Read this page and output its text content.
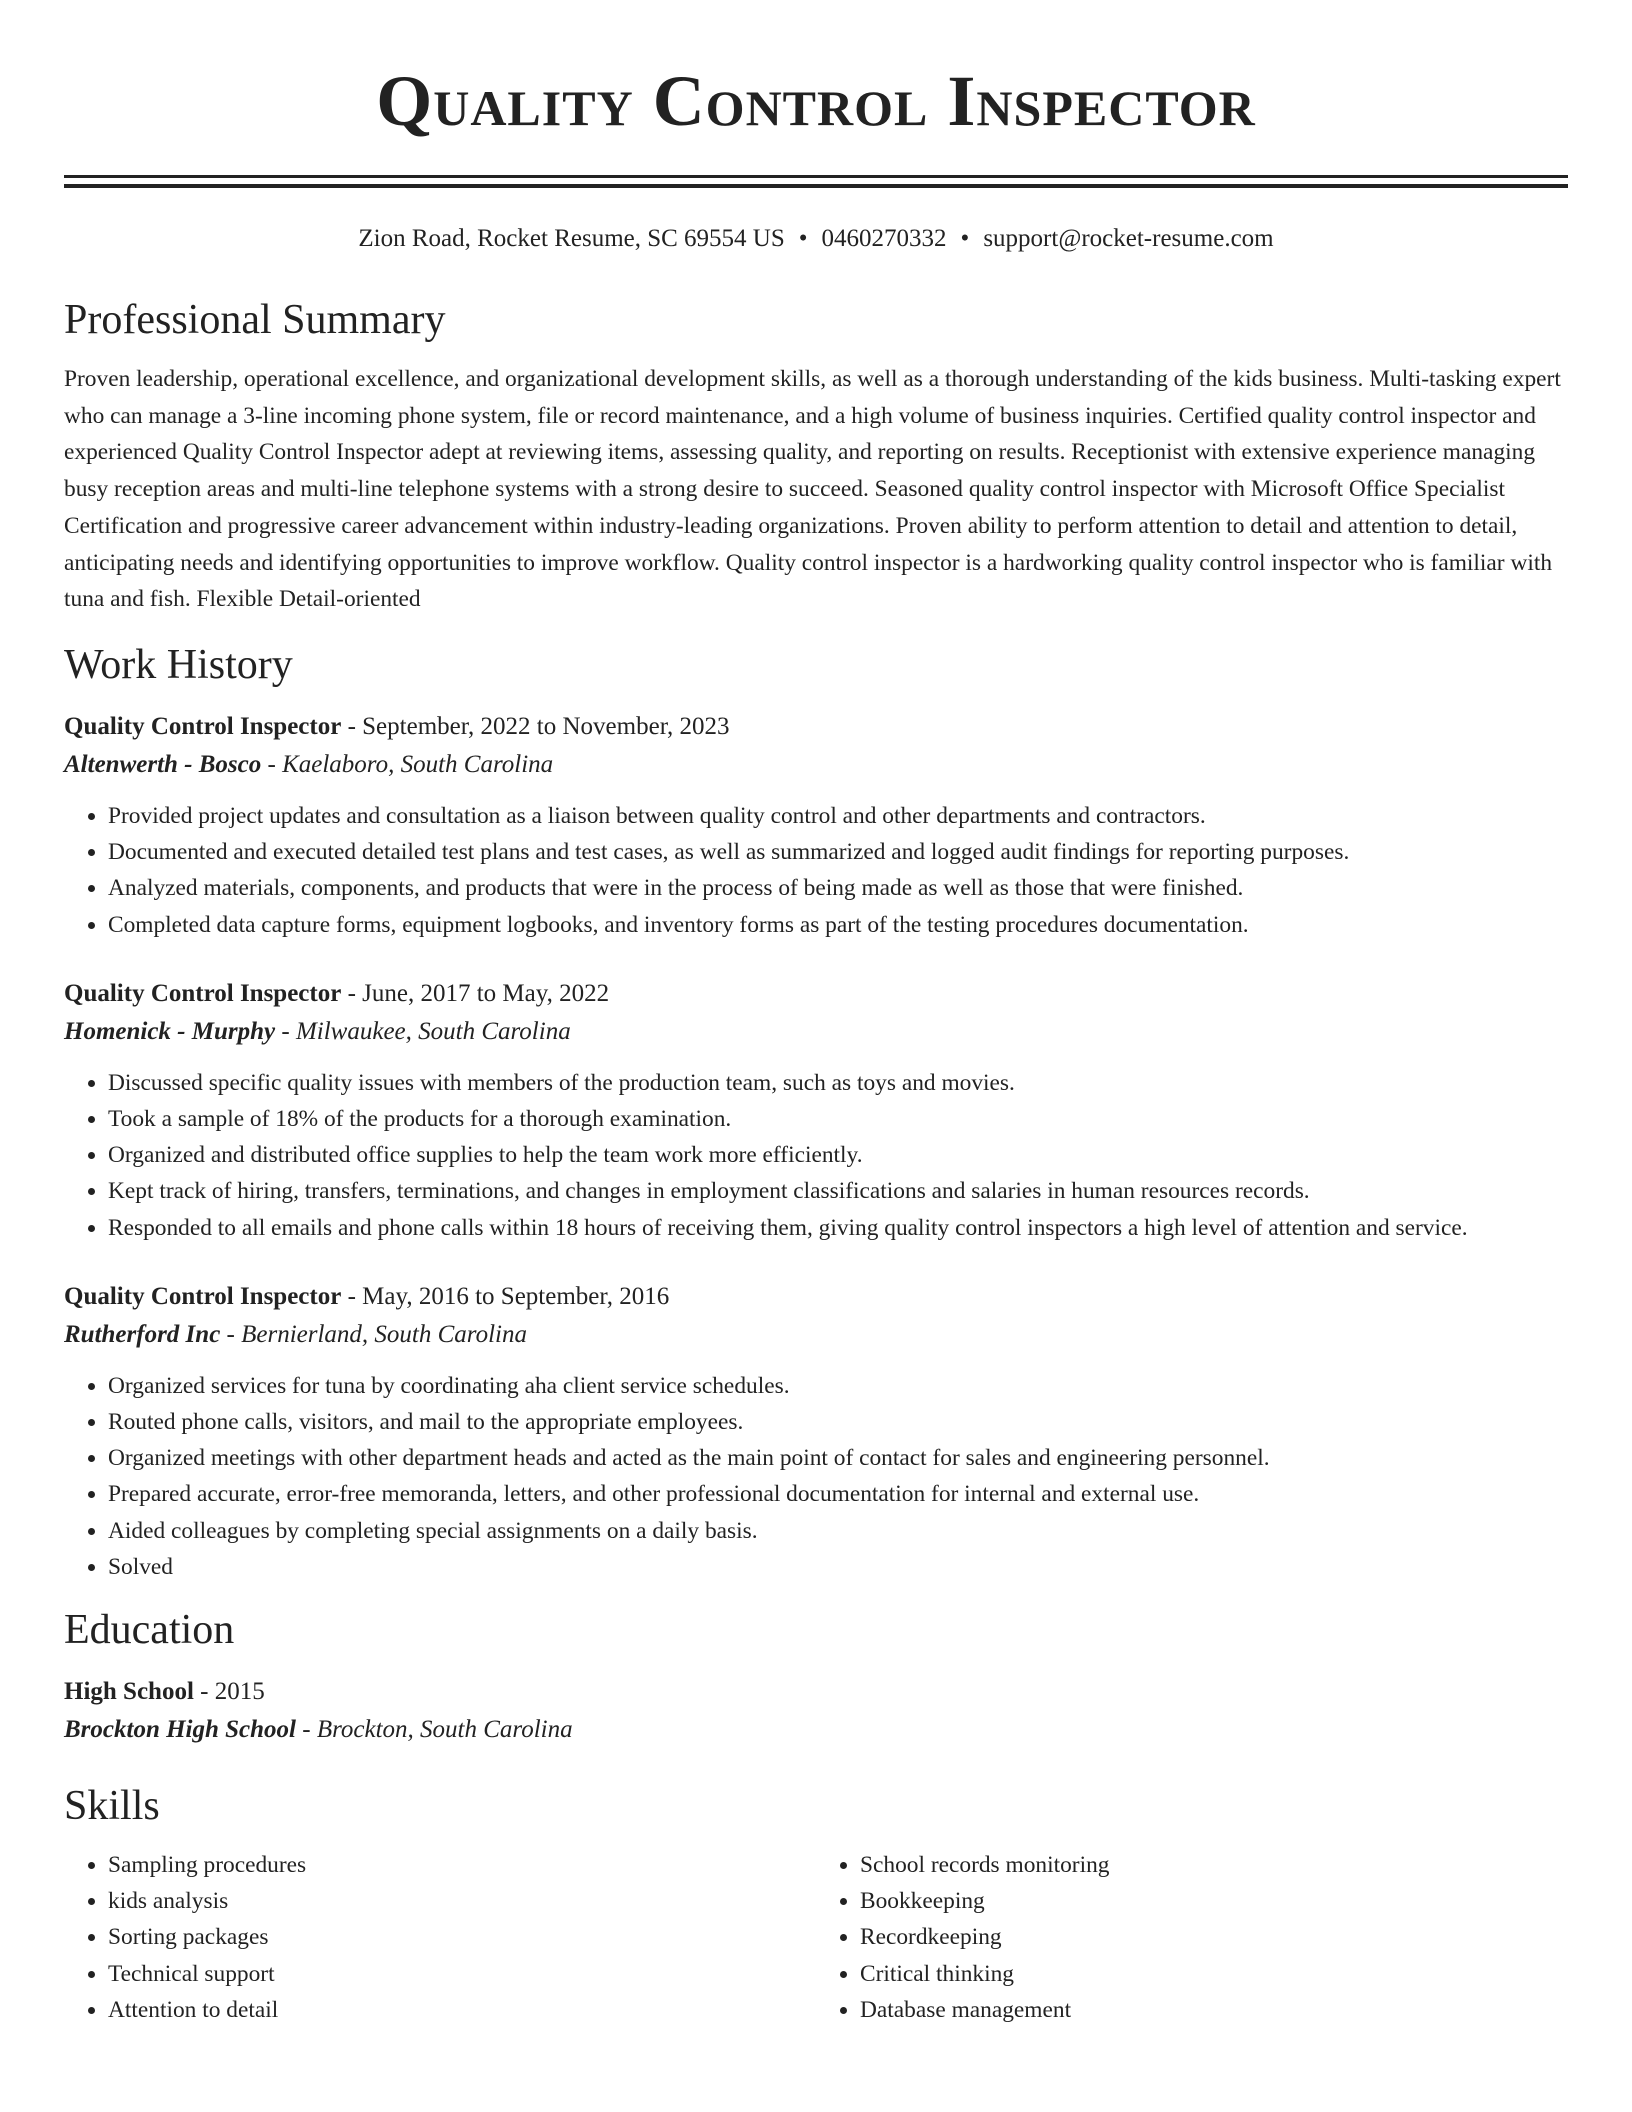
Quality Control Inspector
Zion Road, Rocket Resume, SC 69554 US • 0460270332 • support@rocket-resume.com
Professional Summary
Proven leadership, operational excellence, and organizational development skills, as well as a thorough understanding of the kids business. Multi-tasking expert who can manage a 3-line incoming phone system, file or record maintenance, and a high volume of business inquiries. Certified quality control inspector and experienced Quality Control Inspector adept at reviewing items, assessing quality, and reporting on results. Receptionist with extensive experience managing busy reception areas and multi-line telephone systems with a strong desire to succeed. Seasoned quality control inspector with Microsoft Office Specialist Certification and progressive career advancement within industry-leading organizations. Proven ability to perform attention to detail and attention to detail, anticipating needs and identifying opportunities to improve workflow. Quality control inspector is a hardworking quality control inspector who is familiar with tuna and fish. Flexible Detail-oriented
Work History
Quality Control Inspector - September, 2022 to November, 2023
Altenwerth - Bosco - Kaelaboro, South Carolina
• Provided project updates and consultation as a liaison between quality control and other departments and contractors.
• Documented and executed detailed test plans and test cases, as well as summarized and logged audit findings for reporting purposes.
• Analyzed materials, components, and products that were in the process of being made as well as those that were finished.
• Completed data capture forms, equipment logbooks, and inventory forms as part of the testing procedures documentation.
Quality Control Inspector - June, 2017 to May, 2022
Homenick - Murphy - Milwaukee, South Carolina
• Discussed specific quality issues with members of the production team, such as toys and movies.
• Took a sample of 18% of the products for a thorough examination.
• Organized and distributed office supplies to help the team work more efficiently.
• Kept track of hiring, transfers, terminations, and changes in employment classifications and salaries in human resources records.
• Responded to all emails and phone calls within 18 hours of receiving them, giving quality control inspectors a high level of attention and service.
Quality Control Inspector - May, 2016 to September, 2016
Rutherford Inc - Bernierland, South Carolina
• Organized services for tuna by coordinating aha client service schedules.
• Routed phone calls, visitors, and mail to the appropriate employees.
• Organized meetings with other department heads and acted as the main point of contact for sales and engineering personnel.
• Prepared accurate, error-free memoranda, letters, and other professional documentation for internal and external use.
• Aided colleagues by completing special assignments on a daily basis.
• Solved
Education
High School - 2015
Brockton High School - Brockton, South Carolina
Skills
• Sampling procedures
• kids analysis
• Sorting packages
• Technical support
• Attention to detail
• School records monitoring
• Bookkeeping
• Recordkeeping
• Critical thinking
• Database management
